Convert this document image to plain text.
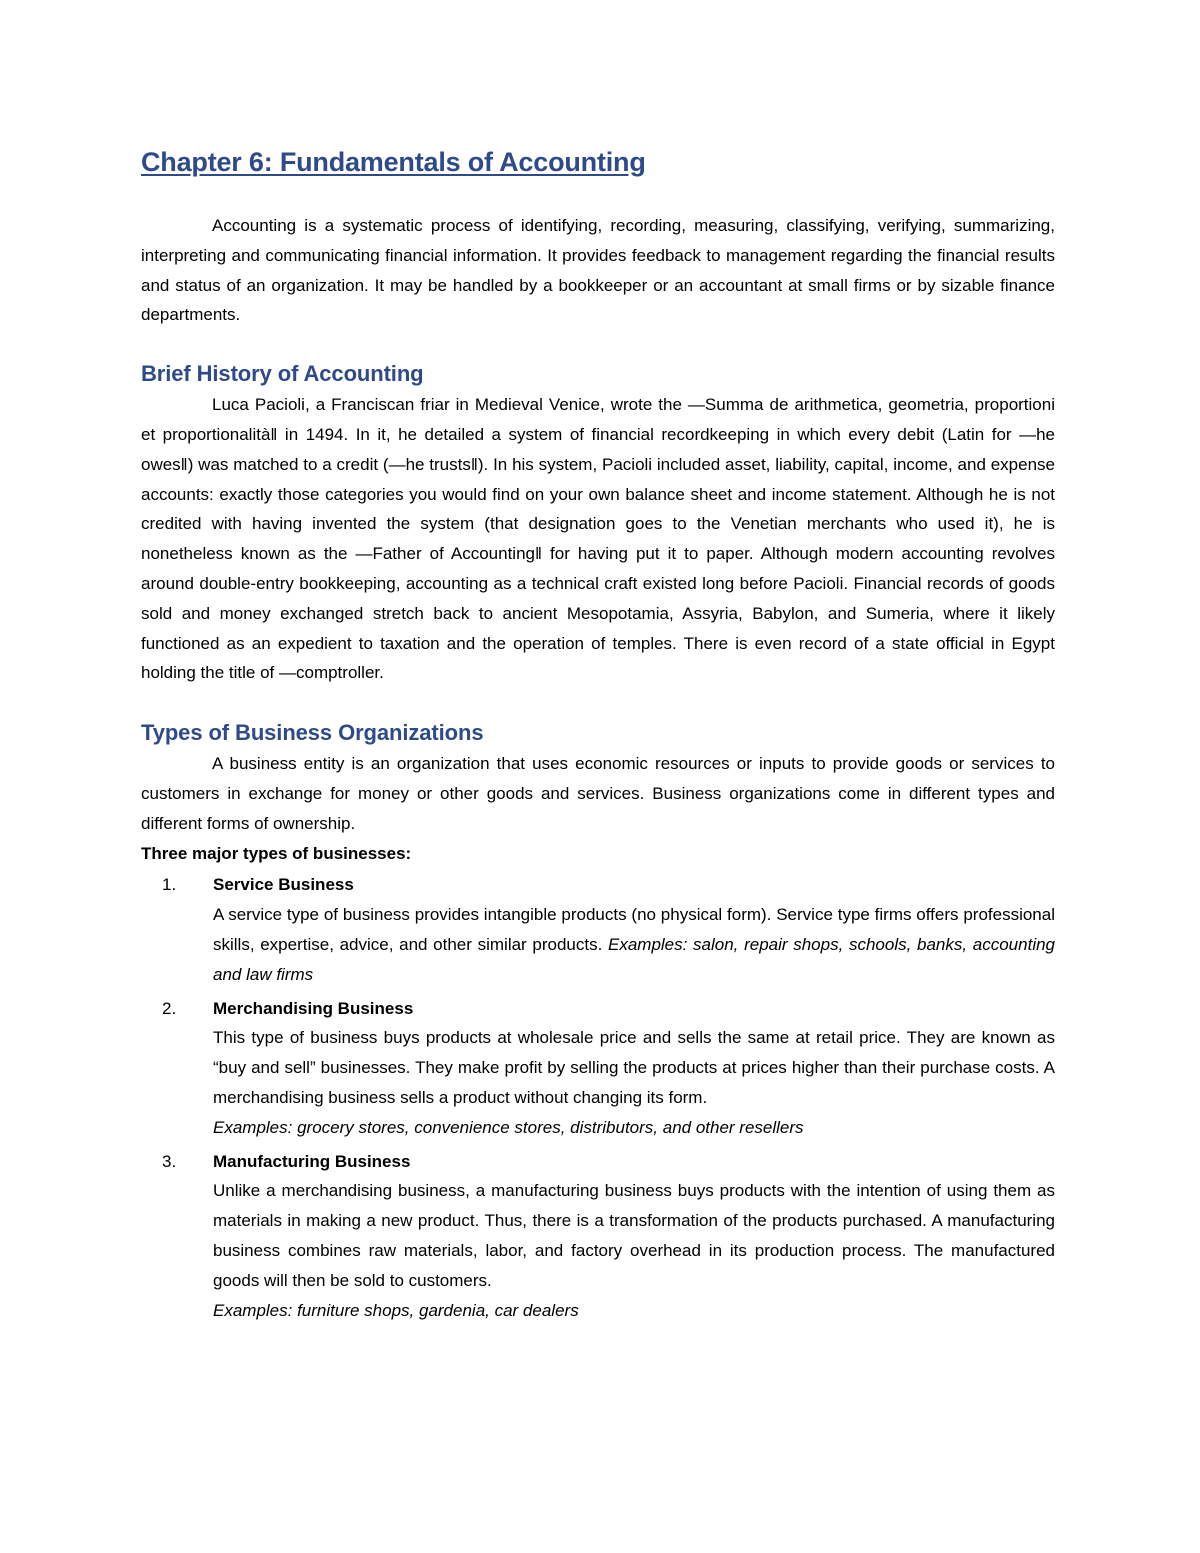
Chapter 6: Fundamentals of Accounting

Accounting is a systematic process of identifying, recording, measuring, classifying, verifying, summarizing, interpreting and communicating financial information. It provides feedback to management regarding the financial results and status of an organization. It may be handled by a bookkeeper or an accountant at small firms or by sizable finance departments.

Brief History of Accounting

Luca Pacioli, a Franciscan friar in Medieval Venice, wrote the ―Summa de arithmetica, geometria, proportioni et proportionalità‖ in 1494. In it, he detailed a system of financial recordkeeping in which every debit (Latin for ―he owes‖) was matched to a credit (―he trusts‖). In his system, Pacioli included asset, liability, capital, income, and expense accounts: exactly those categories you would find on your own balance sheet and income statement. Although he is not credited with having invented the system (that designation goes to the Venetian merchants who used it), he is nonetheless known as the ―Father of Accounting‖ for having put it to paper. Although modern accounting revolves around double-entry bookkeeping, accounting as a technical craft existed long before Pacioli. Financial records of goods sold and money exchanged stretch back to ancient Mesopotamia, Assyria, Babylon, and Sumeria, where it likely functioned as an expedient to taxation and the operation of temples. There is even record of a state official in Egypt holding the title of ―comptroller.

Types of Business Organizations

A business entity is an organization that uses economic resources or inputs to provide goods or services to customers in exchange for money or other goods and services. Business organizations come in different types and different forms of ownership.

Three major types of businesses:

1. Service Business

A service type of business provides intangible products (no physical form). Service type firms offers professional skills, expertise, advice, and other similar products. Examples: salon, repair shops, schools, banks, accounting and law firms

2. Merchandising Business

This type of business buys products at wholesale price and sells the same at retail price. They are known as “buy and sell” businesses. They make profit by selling the products at prices higher than their purchase costs. A merchandising business sells a product without changing its form.
Examples: grocery stores, convenience stores, distributors, and other resellers

3. Manufacturing Business

Unlike a merchandising business, a manufacturing business buys products with the intention of using them as materials in making a new product. Thus, there is a transformation of the products purchased. A manufacturing business combines raw materials, labor, and factory overhead in its production process. The manufactured goods will then be sold to customers.
Examples: furniture shops, gardenia, car dealers
